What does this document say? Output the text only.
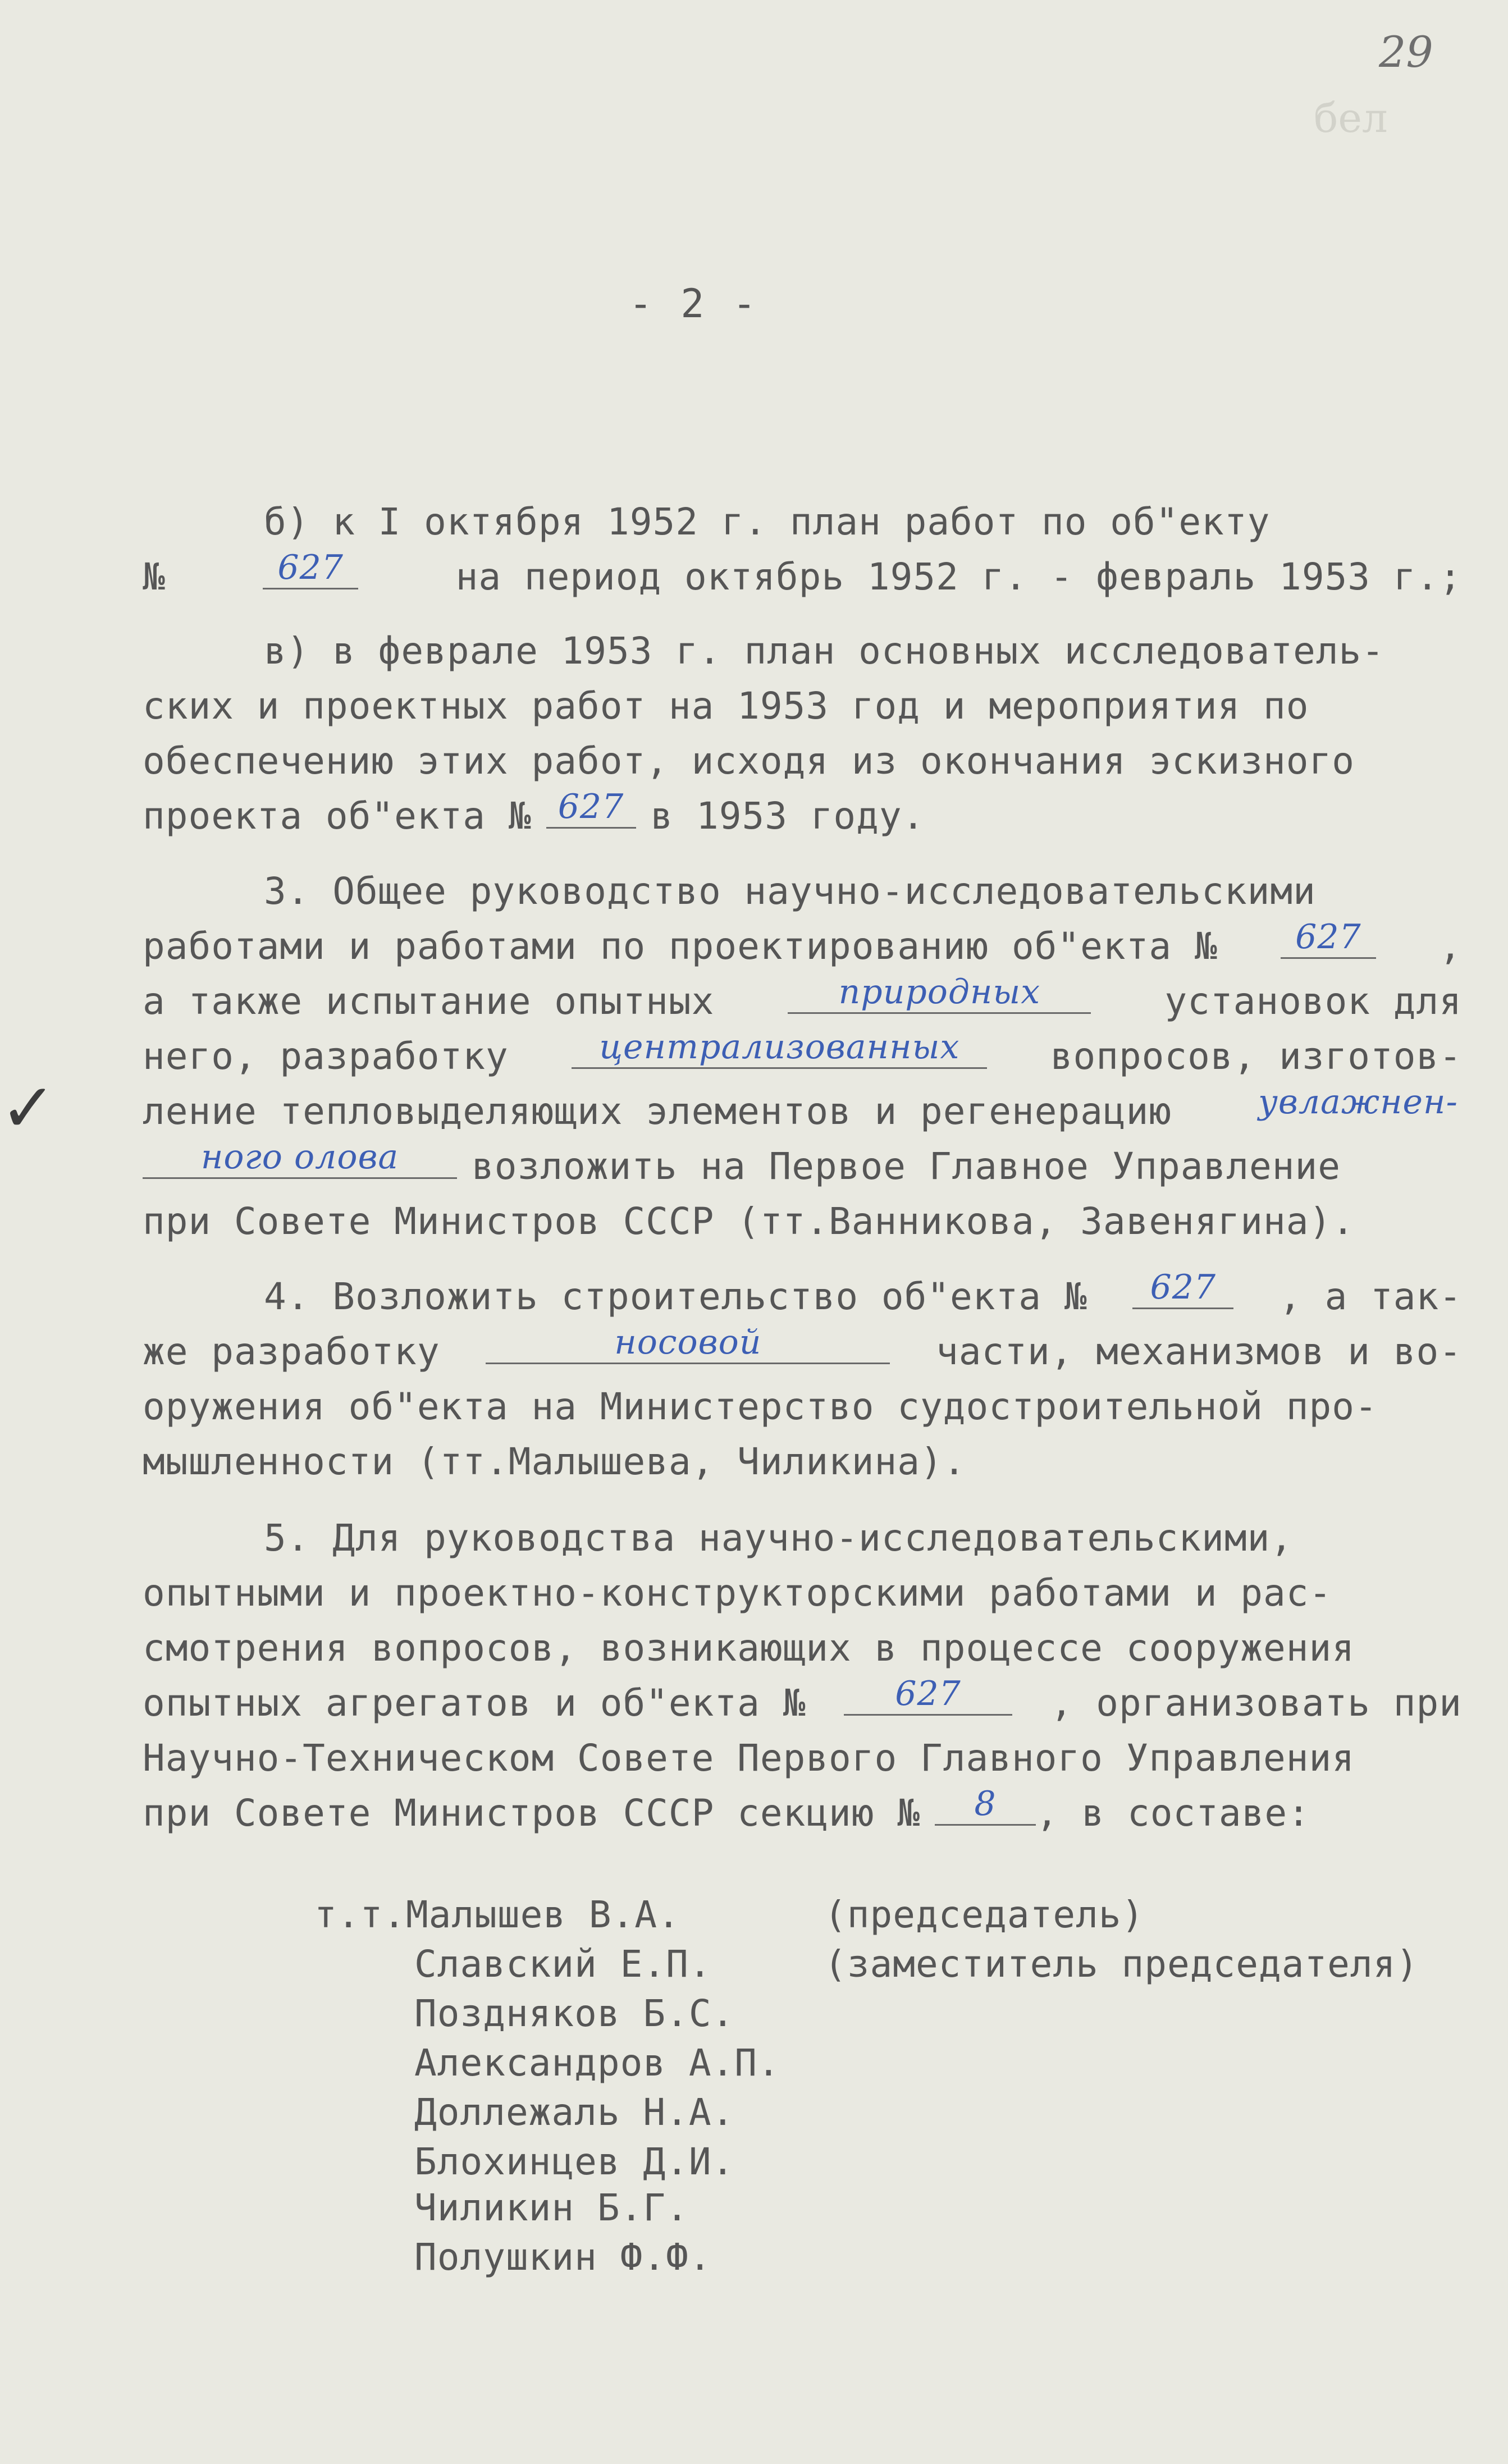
29
бел
- 2 -
✓
б) к I октября 1952 г. план работ по об"екту
№	627	на период октябрь 1952 г. - февраль 1953 г.;
в) в феврале 1953 г. план основных исследователь-
ских и проектных работ на 1953 год и мероприятия по
обеспечению этих работ, исходя из окончания эскизного
проекта об"екта № 627 в 1953 году.
3. Общее руководство научно-исследовательскими
работами и работами по проектированию об"екта №	627	,
а также испытание опытных	природных	установок для
него, разработку	централизованных	вопросов, изготов-
ление тепловыделяющих элементов и регенерацию	увлажнен-
ного олова	возложить на Первое Главное Управление
при Совете Министров СССР (тт.Ванникова, Завенягина).
4. Возложить строительство об"екта №	627	, а так-
же разработку	носовой	части, механизмов и во-
оружения об"екта на Министерство судостроительной про-
мышленности (тт.Малышева, Чиликина).
5. Для руководства научно-исследовательскими,
опытными и проектно-конструкторскими работами и рас-
смотрения вопросов, возникающих в процессе сооружения
опытных агрегатов и об"екта №	627	, организовать при
Научно-Техническом Совете Первого Главного Управления
при Совете Министров СССР секцию №	8	, в составе:
т.т.Малышев В.А.	(председатель)
Славский Е.П.	(заместитель председателя)
Поздняков Б.С.
Александров А.П.
Доллежаль Н.А.
Блохинцев Д.И.
Чиликин Б.Г.
Полушкин Ф.Ф.
